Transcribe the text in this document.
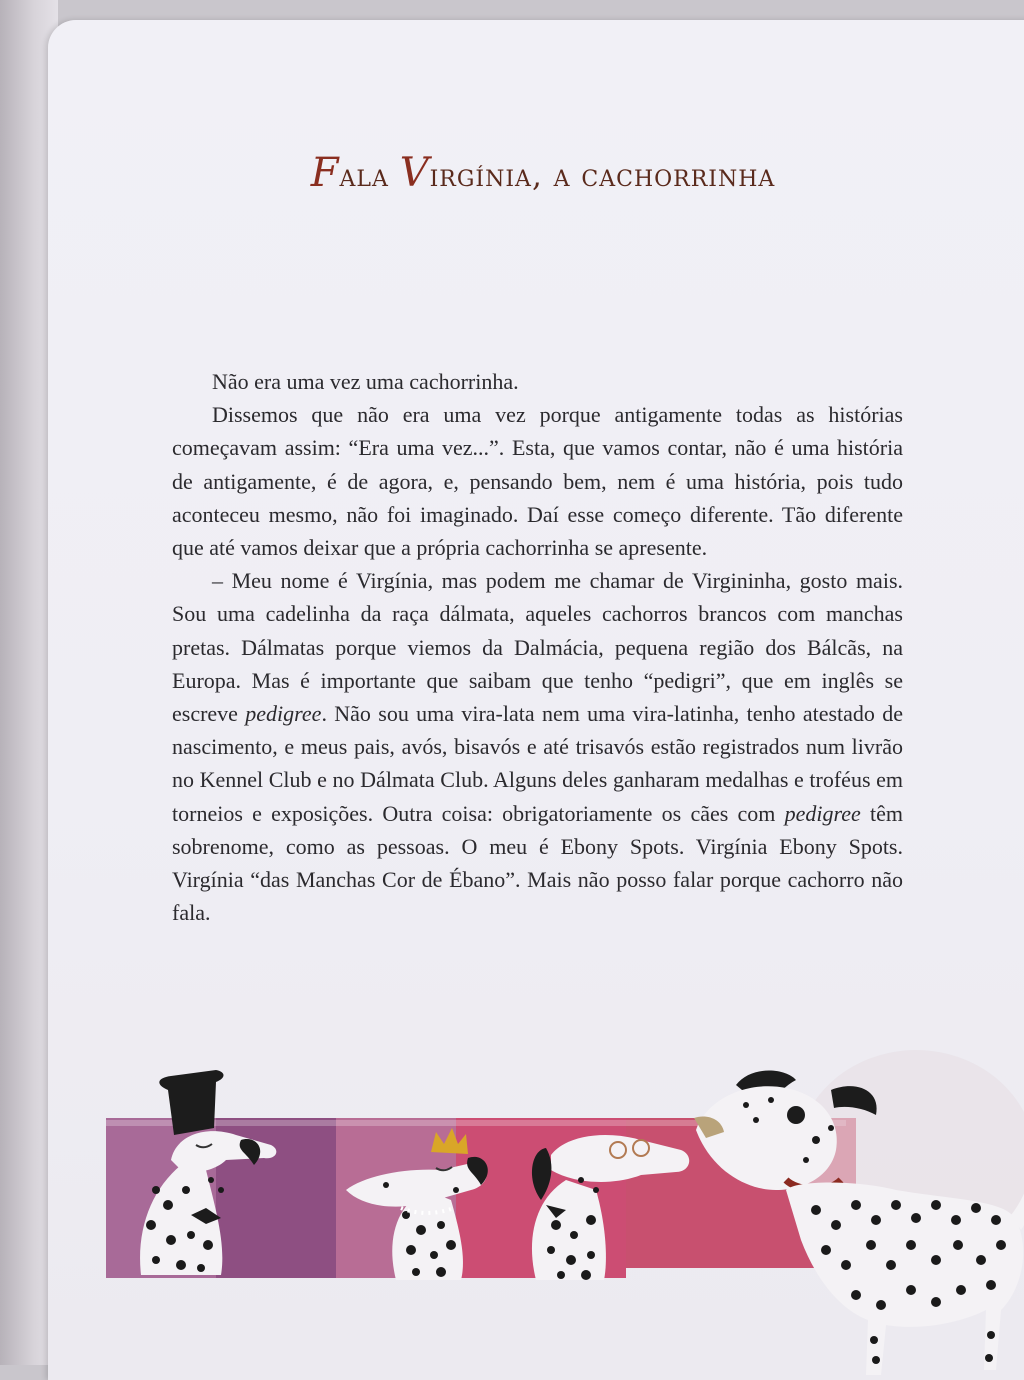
Fala Virgínia, a cachorrinha

Não era uma vez uma cachorrinha.

Dissemos que não era uma vez porque antigamente todas as histórias começavam assim: “Era uma vez...”. Esta, que vamos contar, não é uma história de antigamente, é de agora, e, pensando bem, nem é uma história, pois tudo aconteceu mesmo, não foi imaginado. Daí esse começo diferente. Tão diferente que até vamos deixar que a própria cachorrinha se apresente.

– Meu nome é Virgínia, mas podem me chamar de Virgininha, gosto mais. Sou uma cadelinha da raça dálmata, aqueles cachorros brancos com manchas pretas. Dálmatas porque viemos da Dalmácia, pequena região dos Bálcãs, na Europa. Mas é importante que saibam que tenho “pedigri”, que em inglês se escreve pedigree. Não sou uma vira-lata nem uma vira-latinha, tenho atestado de nascimento, e meus pais, avós, bisavós e até trisavós estão registrados num livrão no Kennel Club e no Dálmata Club. Alguns deles ganharam medalhas e troféus em torneios e exposições. Outra coisa: obrigatoriamente os cães com pedigree têm sobrenome, como as pessoas. O meu é Ebony Spots. Virgínia Ebony Spots. Virgínia “das Manchas Cor de Ébano”. Mais não posso falar porque cachorro não fala.
